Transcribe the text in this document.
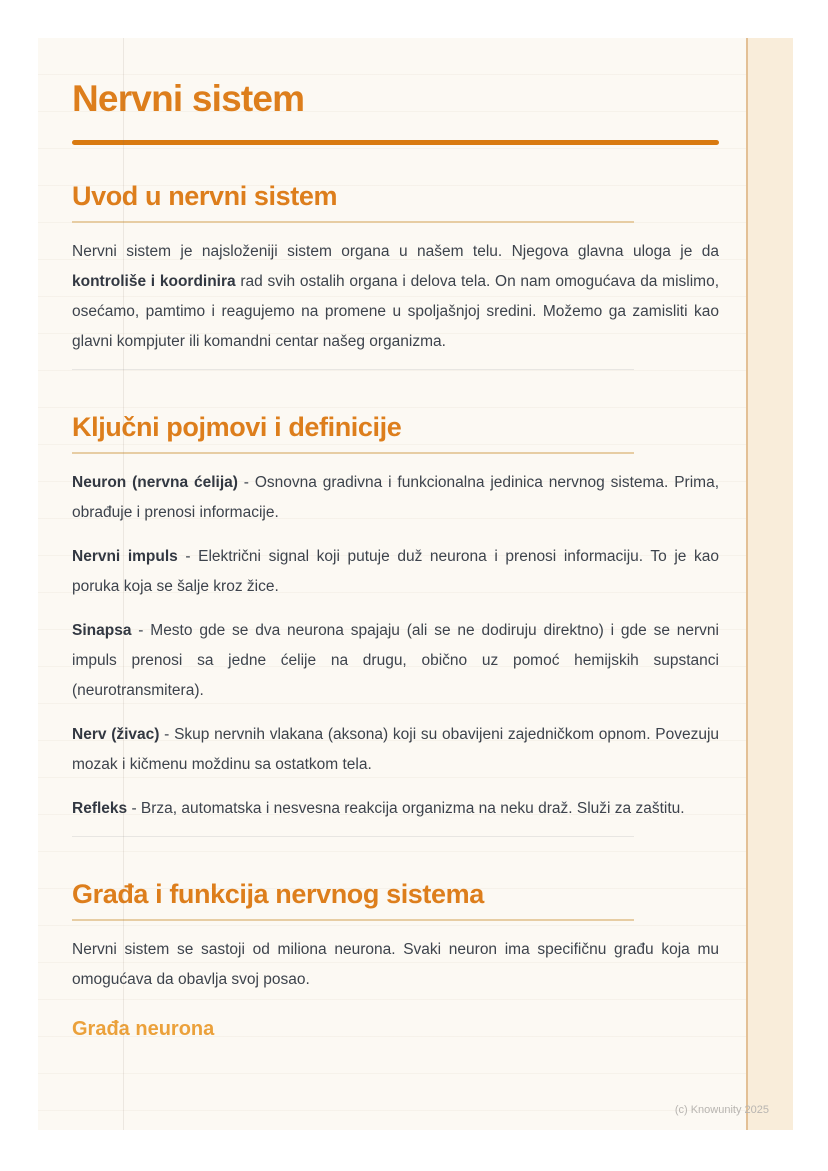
Nervni sistem
Uvod u nervni sistem

Nervni sistem je najsloženiji sistem organa u našem telu. Njegova glavna uloga je da kontroliše i koordinira rad svih ostalih organa i delova tela. On nam omogućava da mislimo, osećamo, pamtimo i reagujemo na promene u spoljašnjoj sredini. Možemo ga zamisliti kao glavni kompjuter ili komandni centar našeg organizma.

Ključni pojmovi i definicije

Neuron (nervna ćelija) - Osnovna gradivna i funkcionalna jedinica nervnog sistema. Prima, obrađuje i prenosi informacije.

Nervni impuls - Električni signal koji putuje duž neurona i prenosi informaciju. To je kao poruka koja se šalje kroz žice.

Sinapsa - Mesto gde se dva neurona spajaju (ali se ne dodiruju direktno) i gde se nervni impuls prenosi sa jedne ćelije na drugu, obično uz pomoć hemijskih supstanci (neurotransmitera).

Nerv (živac) - Skup nervnih vlakana (aksona) koji su obavijeni zajedničkom opnom. Povezuju mozak i kičmenu moždinu sa ostatkom tela.

Refleks - Brza, automatska i nesvesna reakcija organizma na neku draž. Služi za zaštitu.

Građa i funkcija nervnog sistema

Nervni sistem se sastoji od miliona neurona. Svaki neuron ima specifičnu građu koja mu omogućava da obavlja svoj posao.

Građa neurona
(c) Knowunity 2025
